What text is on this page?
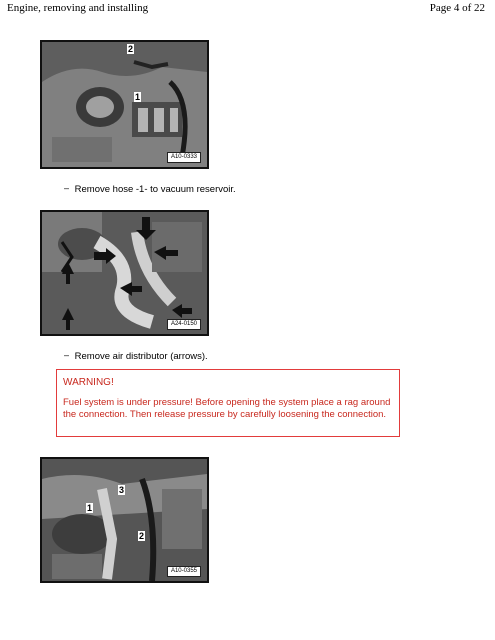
Engine, removing and installing	Page 4 of 22
2
1
A10-0333
– Remove hose -1- to vacuum reservoir.
A24-0150
– Remove air distributor (arrows).
WARNING!
Fuel system is under pressure! Before opening the system place a rag around the connection. Then release pressure by carefully loosening the connection.
3
1
2
A10-0355
